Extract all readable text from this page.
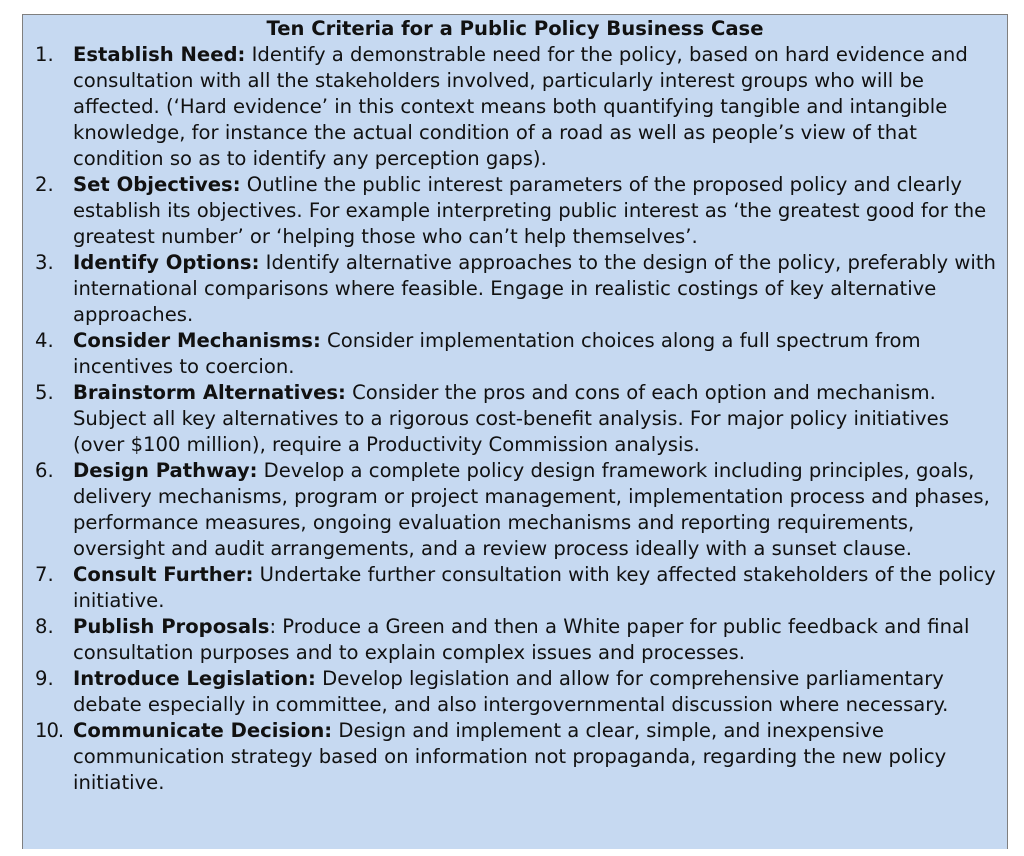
Ten Criteria for a Public Policy Business Case
1. Establish Need: Identify a demonstrable need for the policy, based on hard evidence and consultation with all the stakeholders involved, particularly interest groups who will be affected. (‘Hard evidence’ in this context means both quantifying tangible and intangible knowledge, for instance the actual condition of a road as well as people’s view of that condition so as to identify any perception gaps).
2. Set Objectives: Outline the public interest parameters of the proposed policy and clearly establish its objectives. For example interpreting public interest as ‘the greatest good for the greatest number’ or ‘helping those who can’t help themselves’.
3. Identify Options: Identify alternative approaches to the design of the policy, preferably with international comparisons where feasible. Engage in realistic costings of key alternative approaches.
4. Consider Mechanisms: Consider implementation choices along a full spectrum from incentives to coercion.
5. Brainstorm Alternatives: Consider the pros and cons of each option and mechanism. Subject all key alternatives to a rigorous cost-benefit analysis. For major policy initiatives (over $100 million), require a Productivity Commission analysis.
6. Design Pathway: Develop a complete policy design framework including principles, goals, delivery mechanisms, program or project management, implementation process and phases, performance measures, ongoing evaluation mechanisms and reporting requirements, oversight and audit arrangements, and a review process ideally with a sunset clause.
7. Consult Further: Undertake further consultation with key affected stakeholders of the policy initiative.
8. Publish Proposals: Produce a Green and then a White paper for public feedback and final consultation purposes and to explain complex issues and processes.
9. Introduce Legislation: Develop legislation and allow for comprehensive parliamentary debate especially in committee, and also intergovernmental discussion where necessary.
10. Communicate Decision: Design and implement a clear, simple, and inexpensive communication strategy based on information not propaganda, regarding the new policy initiative.
